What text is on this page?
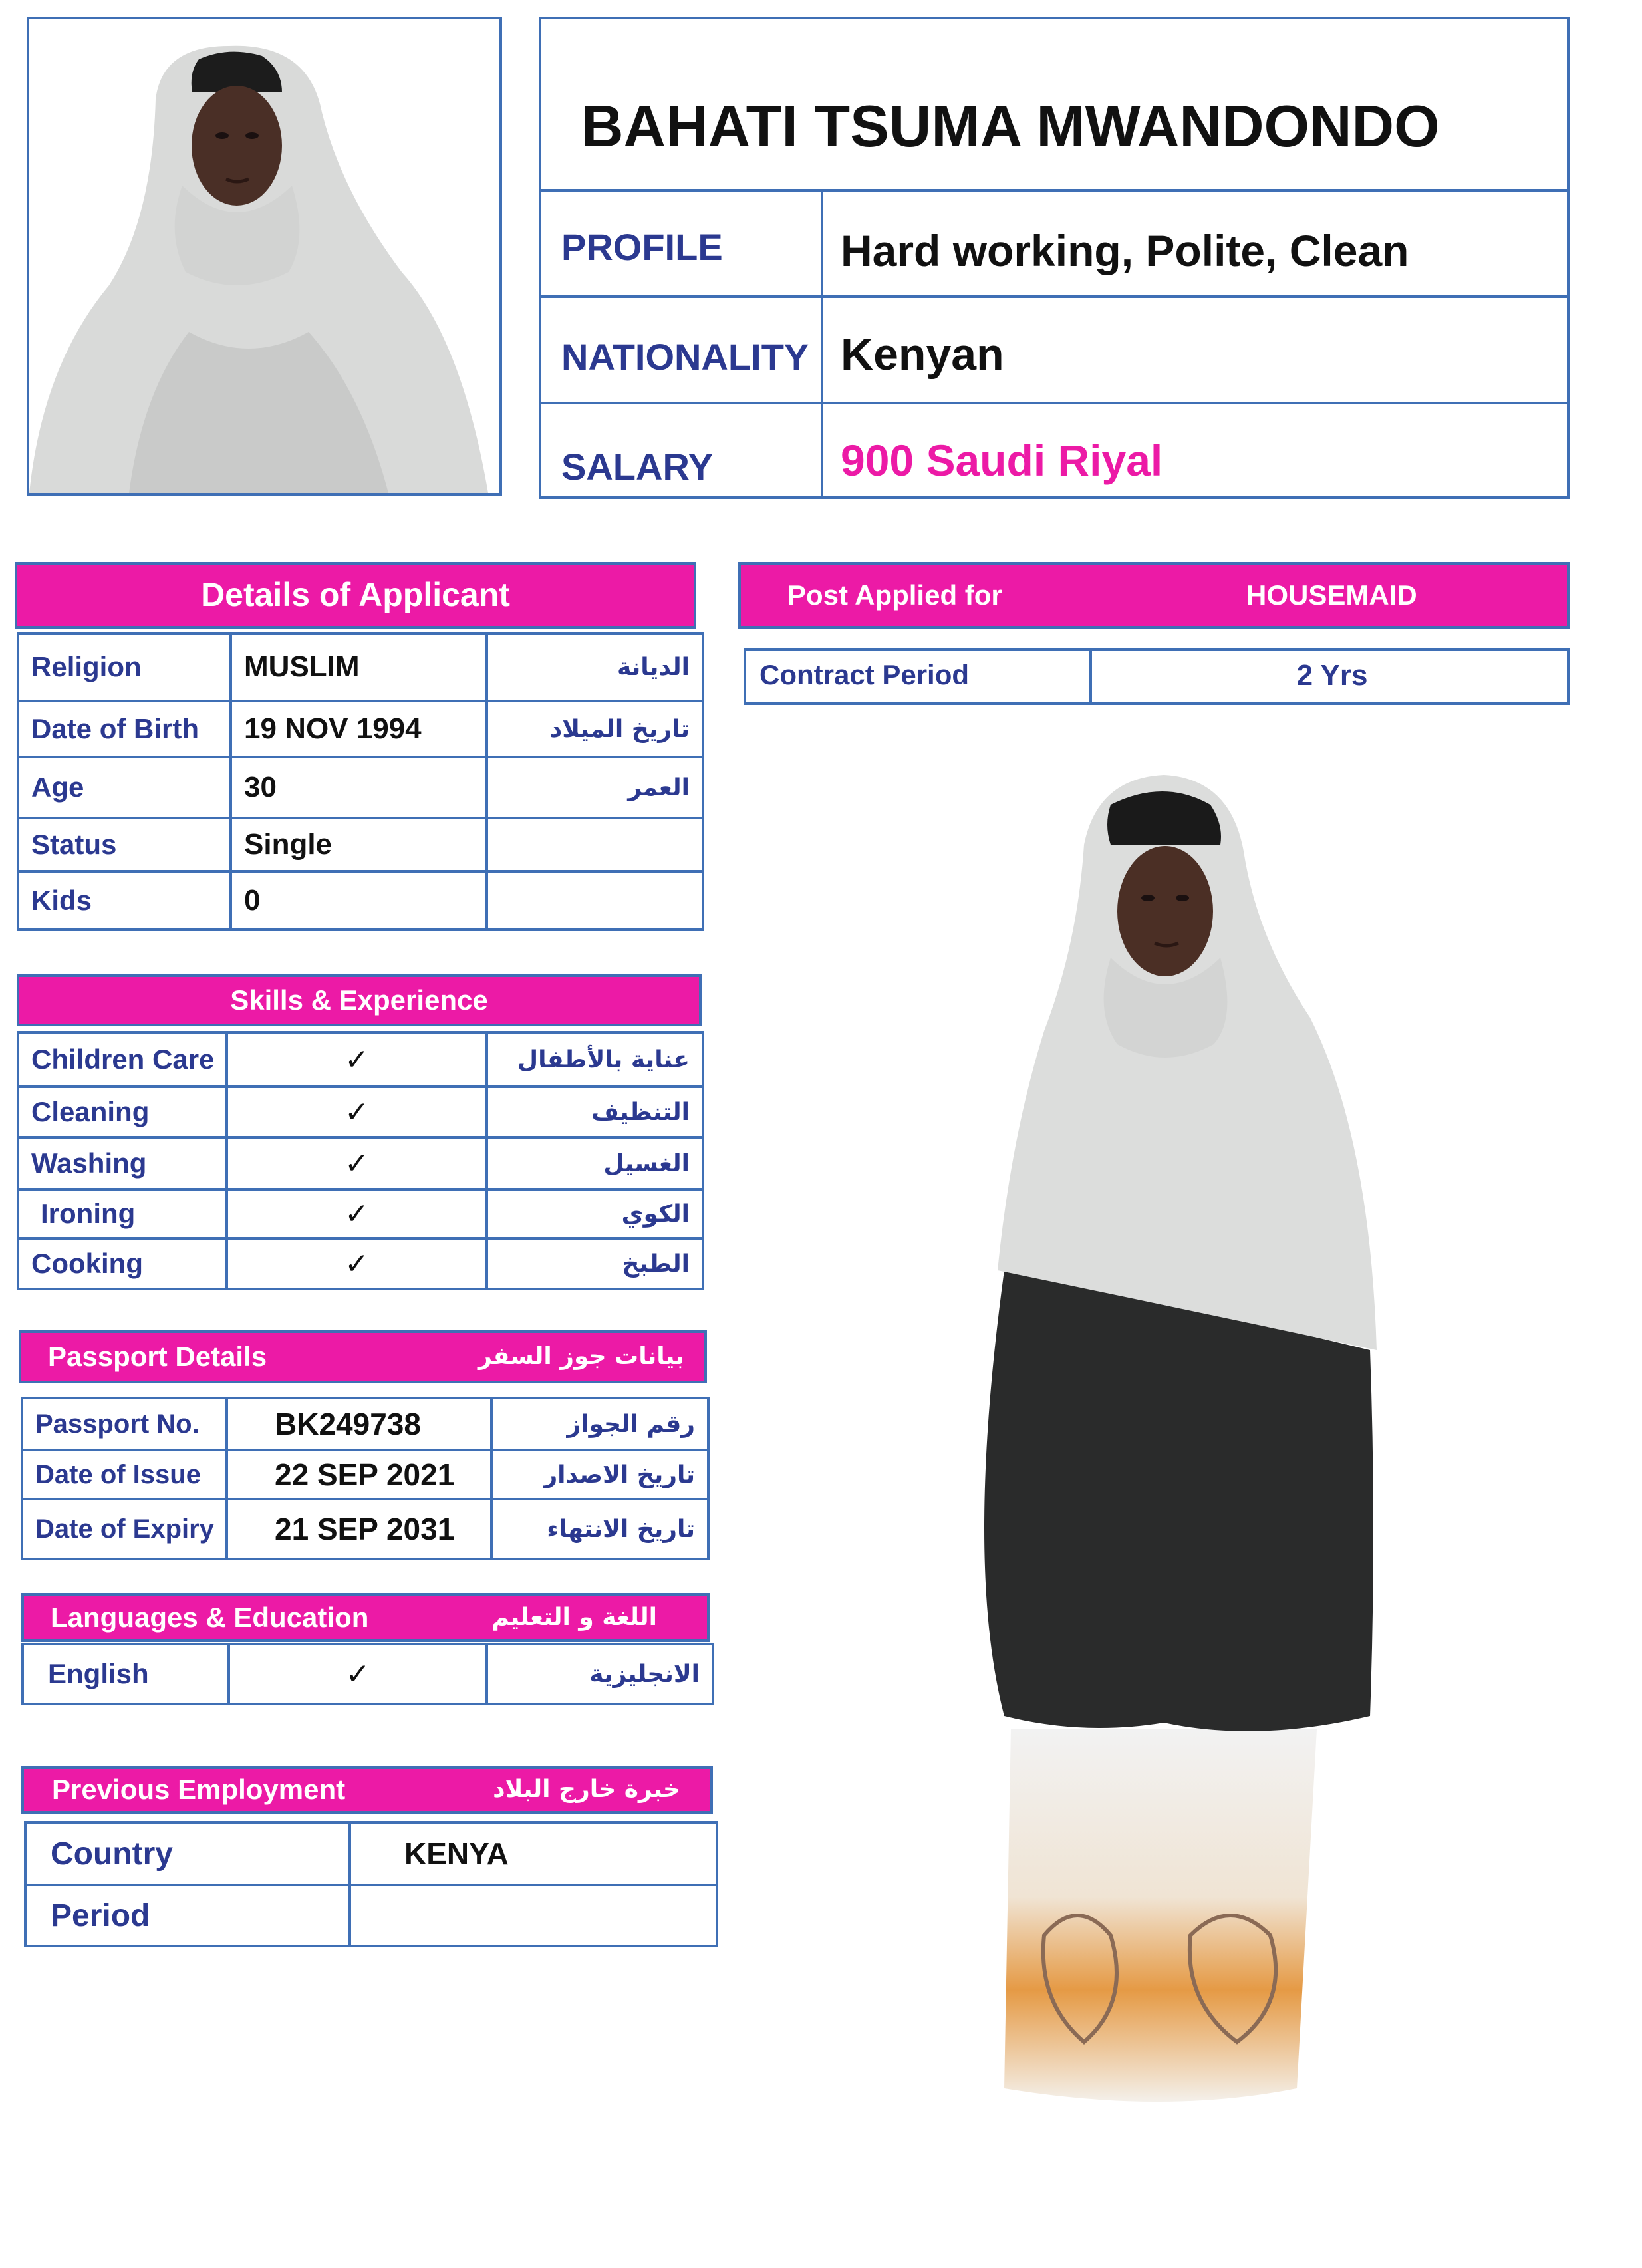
BAHATI TSUMA MWANDONDO
PROFILE	Hard working, Polite, Clean
NATIONALITY Kenyan
SALARY	900 Saudi Riyal
Details of Applicant
Religion	MUSLIM	الديانة
Date of Birth	19 NOV 1994	تاريخ الميلاد
Age	30	العمر
Status	Single	
Kids	0	
Skills & Experience
Children Care	✓	عناية بالأطفال
Cleaning	✓	التنظيف
Washing	✓	الغسيل
Ironing	✓	الكوي
Cooking	✓	الطبخ
Passport Details	بيانات جوز السفر
Passport No.	BK249738	رقم الجواز
Date of Issue	22 SEP 2021	تاريخ الاصدار
Date of Expiry	21 SEP 2031	تاريخ الانتهاء
Languages & Education	اللغة و التعليم
English	✓	الانجليزية
Previous Employment	خبرة خارج البلاد
Country	KENYA
Period	
Post Applied for	HOUSEMAID
Contract Period	2 Yrs
